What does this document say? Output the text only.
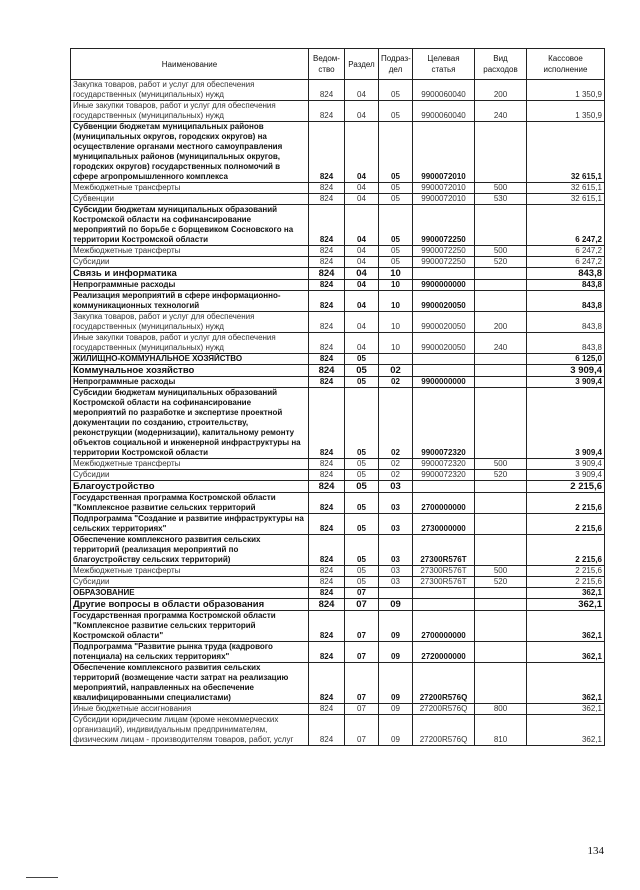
Наименование	Ведом-ство	Раздел	Подраз-дел	Целевая статья	Вид расходов	Кассовое исполнение
Закупка товаров, работ и услуг для обеспечения государственных (муниципальных) нужд	824	04	05	9900060040	200	1 350,9
Иные закупки товаров, работ и услуг для обеспечения государственных (муниципальных) нужд	824	04	05	9900060040	240	1 350,9
Субвенции бюджетам муниципальных районов (муниципальных округов, городских округов) на осуществление органами местного самоуправления муниципальных районов (муниципальных округов, городских округов) государственных полномочий в сфере агропромышленного комплекса	824	04	05	9900072010		32 615,1
Межбюджетные трансферты	824	04	05	9900072010	500	32 615,1
Субвенции	824	04	05	9900072010	530	32 615,1
Субсидии бюджетам муниципальных образований Костромской области на софинансирование мероприятий по борьбе с борщевиком Сосновского на территории Костромской области	824	04	05	9900072250		6 247,2
Межбюджетные трансферты	824	04	05	9900072250	500	6 247,2
Субсидии	824	04	05	9900072250	520	6 247,2
Связь и информатика	824	04	10			843,8
Непрограммные расходы	824	04	10	9900000000		843,8
Реализация мероприятий в сфере информационно-коммуникационных технологий	824	04	10	9900020050		843,8
Закупка товаров, работ и услуг для обеспечения государственных (муниципальных) нужд	824	04	10	9900020050	200	843,8
Иные закупки товаров, работ и услуг для обеспечения государственных (муниципальных) нужд	824	04	10	9900020050	240	843,8
ЖИЛИЩНО-КОММУНАЛЬНОЕ ХОЗЯЙСТВО	824	05				6 125,0
Коммунальное хозяйство	824	05	02			3 909,4
Непрограммные расходы	824	05	02	9900000000		3 909,4
Субсидии бюджетам муниципальных образований Костромской области на софинансирование мероприятий по разработке и экспертизе проектной документации по созданию, строительству, реконструкции (модернизации), капитальному ремонту объектов социальной и инженерной инфраструктуры на территории Костромской области	824	05	02	9900072320		3 909,4
Межбюджетные трансферты	824	05	02	9900072320	500	3 909,4
Субсидии	824	05	02	9900072320	520	3 909,4
Благоустройство	824	05	03			2 215,6
Государственная программа Костромской области "Комплексное развитие сельских территорий	824	05	03	2700000000		2 215,6
Подпрограмма "Создание и развитие инфраструктуры на сельских территориях"	824	05	03	2730000000		2 215,6
Обеспечение комплексного развития сельских территорий (реализация мероприятий по благоустройству сельских территорий)	824	05	03	27300R576T		2 215,6
Межбюджетные трансферты	824	05	03	27300R576T	500	2 215,6
Субсидии	824	05	03	27300R576T	520	2 215,6
ОБРАЗОВАНИЕ	824	07				362,1
Другие вопросы в области образования	824	07	09			362,1
Государственная программа Костромской области "Комплексное развитие сельских территорий Костромской области"	824	07	09	2700000000		362,1
Подпрограмма "Развитие рынка труда (кадрового потенциала) на сельских территориях"	824	07	09	2720000000		362,1
Обеспечение комплексного развития сельских территорий (возмещение части затрат на реализацию мероприятий, направленных на обеспечение квалифицированными специалистами)	824	07	09	27200R576Q		362,1
Иные бюджетные ассигнования	824	07	09	27200R576Q	800	362,1
Субсидии юридическим лицам (кроме некоммерческих организаций), индивидуальным предпринимателям, физическим лицам - производителям товаров, работ, услуг	824	07	09	27200R576Q	810	362,1
134
